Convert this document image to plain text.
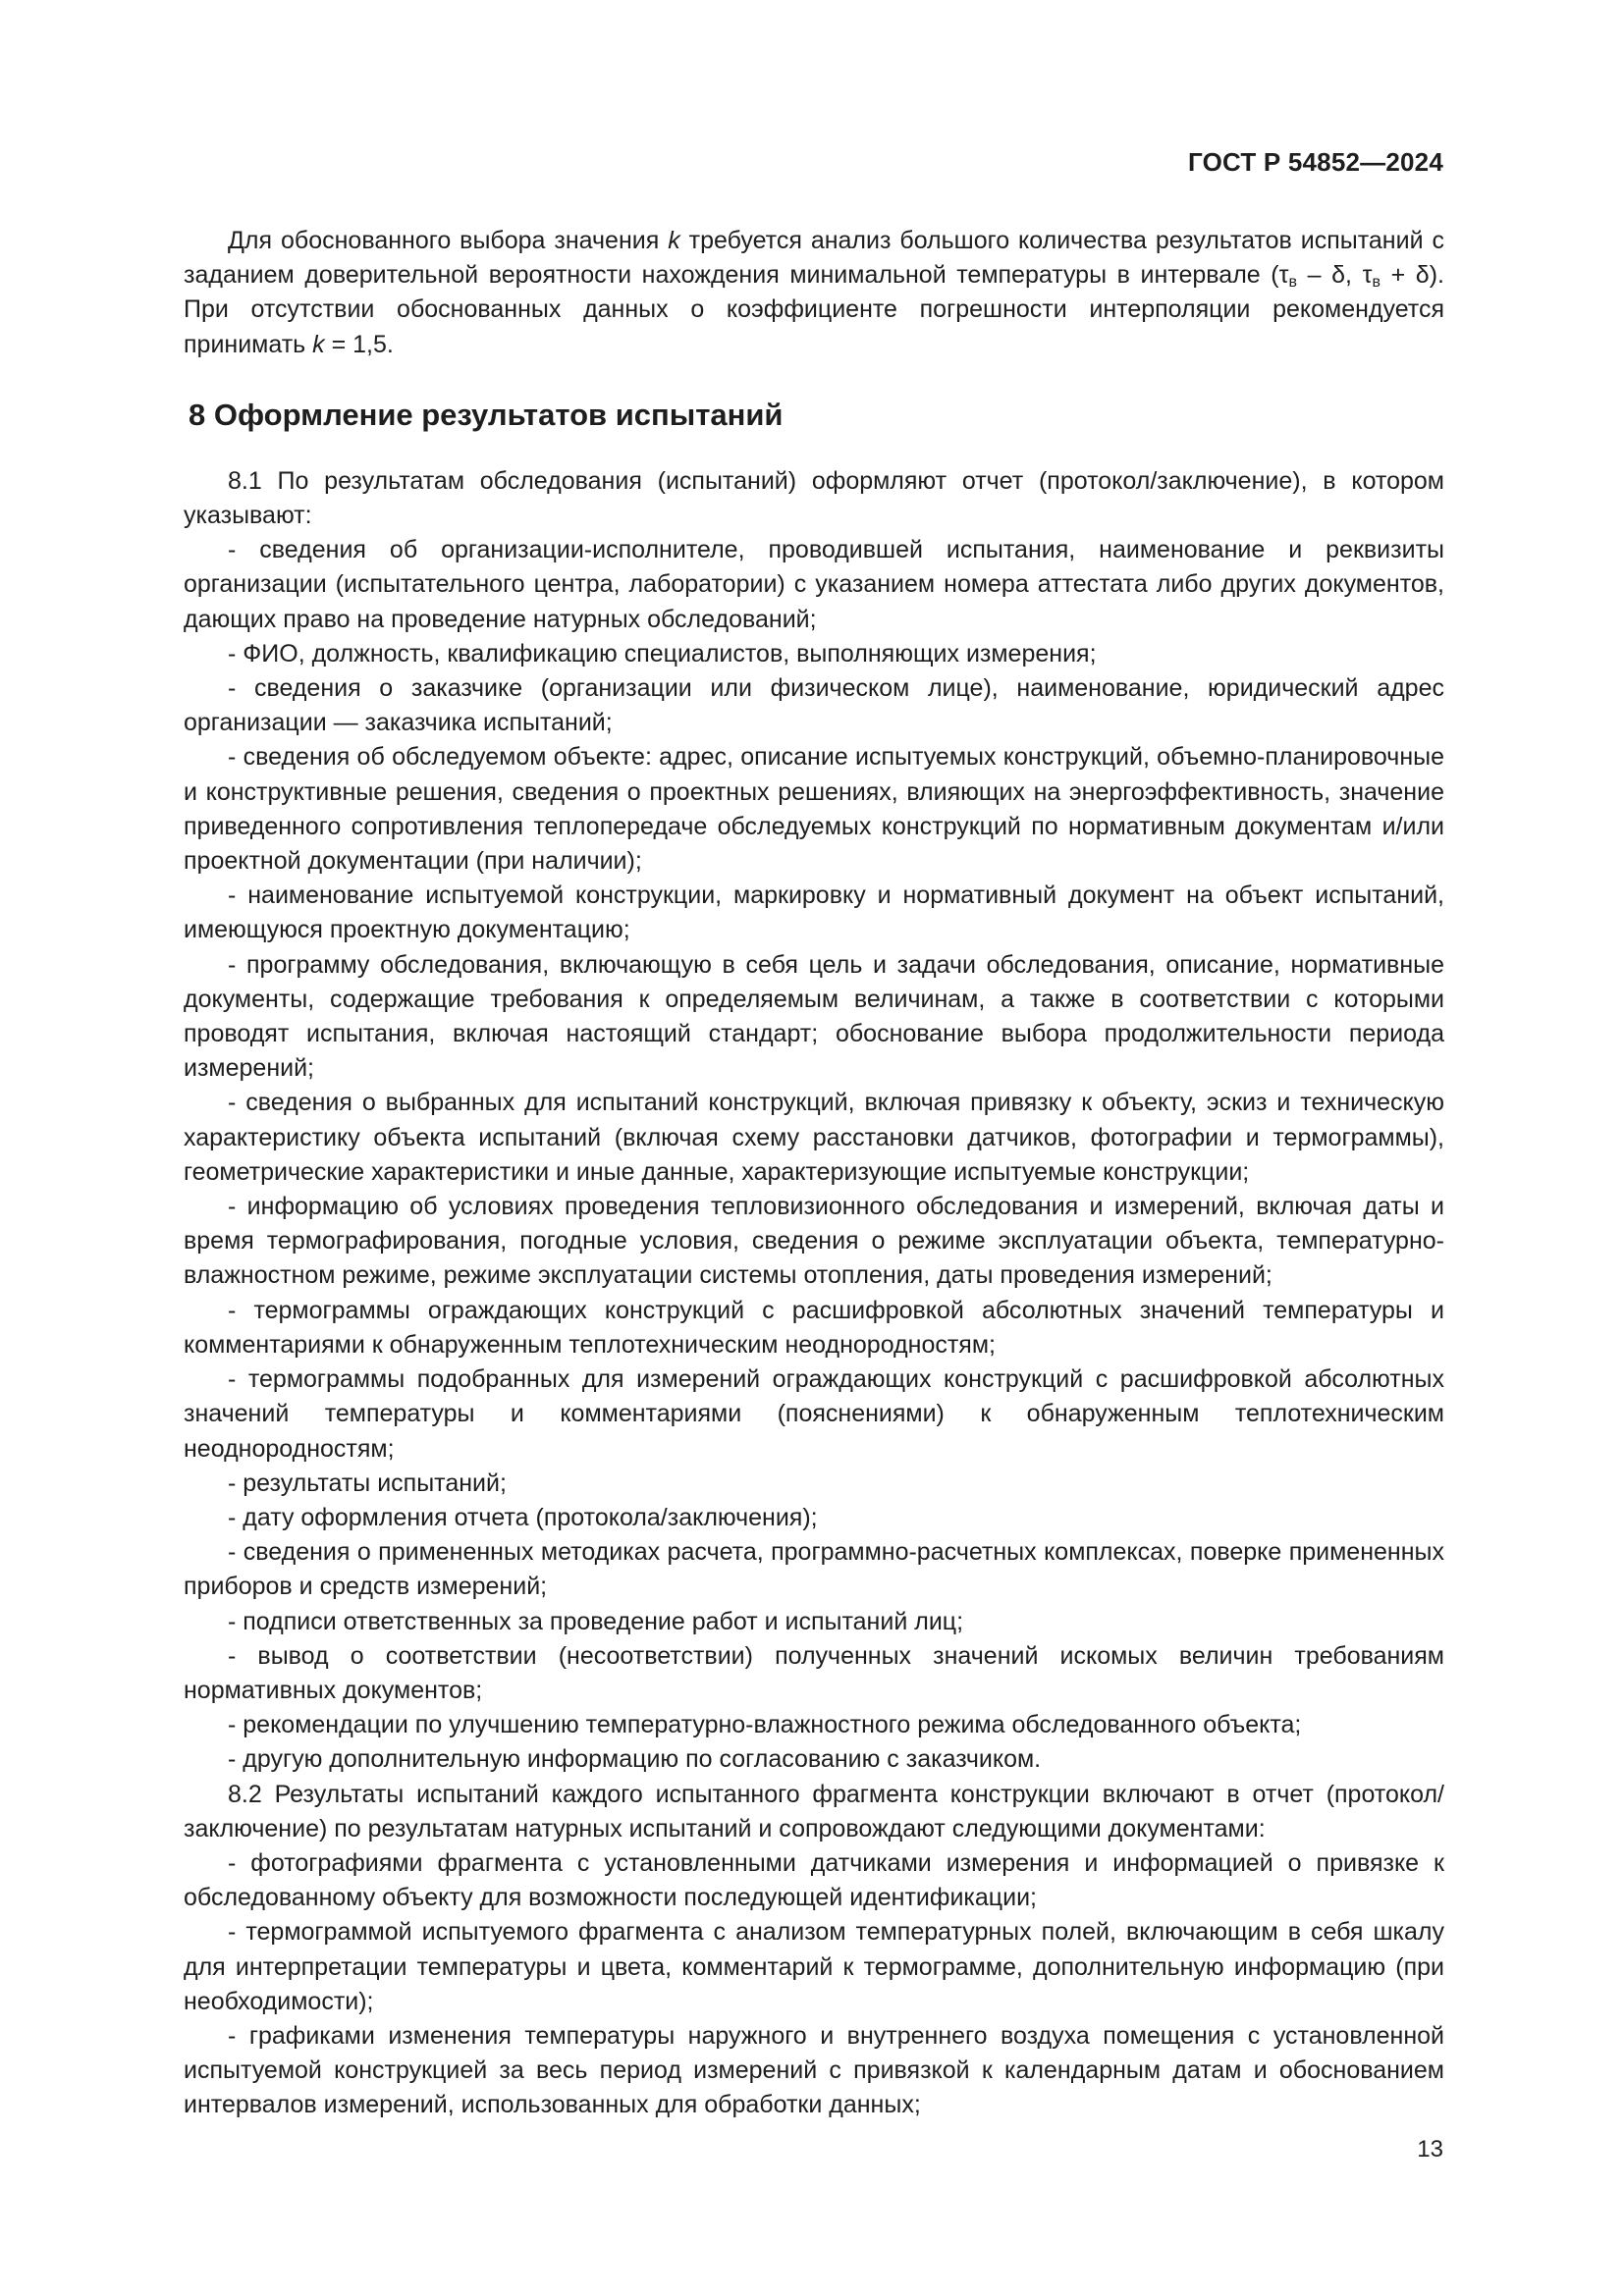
ГОСТ Р 54852—2024

Для обоснованного выбора значения k требуется анализ большого количества результатов испытаний с заданием доверительной вероятности нахождения минимальной температуры в интервале ($\tau_в$ – δ, $\tau_в + \delta$). При отсутствии обоснованных данных о коэффициенте погрешности интерполяции рекомендуется принимать k = 1,5.

8 Оформление результатов испытаний

8.1 По результатам обследования (испытаний) оформляют отчет (протокол/заключение), в котором указывают:

- сведения об организации-исполнителе, проводившей испытания, наименование и реквизиты организации (испытательного центра, лаборатории) с указанием номера аттестата либо других документов, дающих право на проведение натурных обследований;

- ФИО, должность, квалификацию специалистов, выполняющих измерения;

- сведения о заказчике (организации или физическом лице), наименование, юридический адрес организации — заказчика испытаний;

- сведения об обследуемом объекте: адрес, описание испытуемых конструкций, объемно-планировочные и конструктивные решения, сведения о проектных решениях, влияющих на энергоэффективность, значение приведенного сопротивления теплопередаче обследуемых конструкций по нормативным документам и/или проектной документации (при наличии);

- наименование испытуемой конструкции, маркировку и нормативный документ на объект испытаний, имеющуюся проектную документацию;

- программу обследования, включающую в себя цель и задачи обследования, описание, нормативные документы, содержащие требования к определяемым величинам, а также в соответствии с которыми проводят испытания, включая настоящий стандарт; обоснование выбора продолжительности периода измерений;

- сведения о выбранных для испытаний конструкций, включая привязку к объекту, эскиз и техническую характеристику объекта испытаний (включая схему расстановки датчиков, фотографии и термограммы), геометрические характеристики и иные данные, характеризующие испытуемые конструкции;

- информацию об условиях проведения тепловизионного обследования и измерений, включая даты и время термографирования, погодные условия, сведения о режиме эксплуатации объекта, температурно-влажностном режиме, режиме эксплуатации системы отопления, даты проведения измерений;

- термограммы ограждающих конструкций с расшифровкой абсолютных значений температуры и комментариями к обнаруженным теплотехническим неоднородностям;

- термограммы подобранных для измерений ограждающих конструкций с расшифровкой абсолютных значений температуры и комментариями (пояснениями) к обнаруженным теплотехническим неоднородностям;

- результаты испытаний;

- дату оформления отчета (протокола/заключения);

- сведения о примененных методиках расчета, программно-расчетных комплексах, поверке примененных приборов и средств измерений;

- подписи ответственных за проведение работ и испытаний лиц;

- вывод о соответствии (несоответствии) полученных значений искомых величин требованиям нормативных документов;

- рекомендации по улучшению температурно-влажностного режима обследованного объекта;

- другую дополнительную информацию по согласованию с заказчиком.

8.2 Результаты испытаний каждого испытанного фрагмента конструкции включают в отчет (протокол/заключение) по результатам натурных испытаний и сопровождают следующими документами:

- фотографиями фрагмента с установленными датчиками измерения и информацией о привязке к обследованному объекту для возможности последующей идентификации;

- термограммой испытуемого фрагмента с анализом температурных полей, включающим в себя шкалу для интерпретации температуры и цвета, комментарий к термограмме, дополнительную информацию (при необходимости);

- графиками изменения температуры наружного и внутреннего воздуха помещения с установленной испытуемой конструкцией за весь период измерений с привязкой к календарным датам и обоснованием интервалов измерений, использованных для обработки данных;

13
